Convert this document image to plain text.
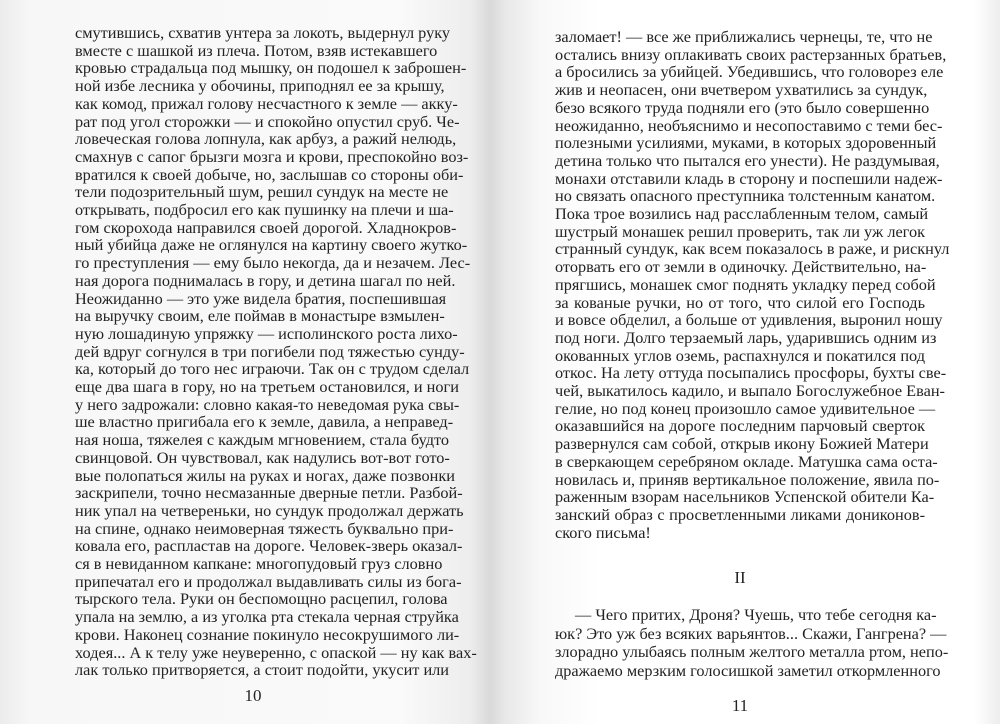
10
смутившись, схватив унтера за локоть, выдернул руку
вместе с шашкой из плеча. Потом, взяв истекавшего
кровью страдальца под мышку, он подошел к заброшен-
ной избе лесника у обочины, приподнял ее за крышу,
как комод, прижал голову несчастного к земле — акку-
рат под угол сторожки — и спокойно опустил сруб. Че-
ловеческая голова лопнула, как арбуз, а ражий нелюдь,
смахнув с сапог брызги мозга и крови, преспокойно воз-
вратился к своей добыче, но, заслышав со стороны оби-
тели подозрительный шум, решил сундук на месте не
открывать, подбросил его как пушинку на плечи и ша-
гом скорохода направился своей дорогой. Хладнокров-
ный убийца даже не оглянулся на картину своего жутко-
го преступления — ему было некогда, да и незачем. Лес-
ная дорога поднималась в гору, и детина шагал по ней.
Неожиданно — это уже видела братия, поспешившая
на выручку своим, еле поймав в монастыре взмылен-
ную лошадиную упряжку — исполинского роста лихо-
дей вдруг согнулся в три погибели под тяжестью сунду-
ка, который до того нес играючи. Так он с трудом сделал
еще два шага в гору, но на третьем остановился, и ноги
у него задрожали: словно какая-то неведомая рука свы-
ше властно пригибала его к земле, давила, а неправед-
ная ноша, тяжелея с каждым мгновением, стала будто
свинцовой. Он чувствовал, как надулись вот-вот гото-
вые полопаться жилы на руках и ногах, даже позвонки
заскрипели, точно несмазанные дверные петли. Разбой-
ник упал на четвереньки, но сундук продолжал держать
на спине, однако неимоверная тяжесть буквально при-
ковала его, распластав на дороге. Человек-зверь оказал-
ся в невиданном капкане: многопудовый груз словно
припечатал его и продолжал выдавливать силы из бога-
тырского тела. Руки он беспомощно расцепил, голова
упала на землю, а из уголка рта стекала черная струйка
крови. Наконец сознание покинуло несокрушимого ли-
ходея... А к телу уже неуверенно, с опаской — ну как вах-
лак только притворяется, а стоит подойти, укусит или
II
11
заломает! — все же приближались чернецы, те, что не
остались внизу оплакивать своих растерзанных братьев,
а бросились за убийцей. Убедившись, что головорез еле
жив и неопасен, они вчетвером ухватились за сундук,
безо всякого труда подняли его (это было совершенно
неожиданно, необъяснимо и несопоставимо с теми бес-
полезными усилиями, муками, в которых здоровенный
детина только что пытался его унести). Не раздумывая,
монахи отставили кладь в сторону и поспешили надеж-
но связать опасного преступника толстенным канатом.
Пока трое возились над расслабленным телом, самый
шустрый монашек решил проверить, так ли уж легок
странный сундук, как всем показалось в раже, и рискнул
оторвать его от земли в одиночку. Действительно, на-
прягшись, монашек смог поднять укладку перед собой
за кованые ручки, но от того, что силой его Господь
и вовсе обделил, а больше от удивления, выронил ношу
под ноги. Долго терзаемый ларь, ударившись одним из
окованных углов оземь, распахнулся и покатился под
откос. На лету оттуда посыпались просфоры, бухты све-
чей, выкатилось кадило, и выпало Богослужебное Еван-
гелие, но под конец произошло самое удивительное —
оказавшийся на дороге последним парчовый сверток
развернулся сам собой, открыв икону Божией Матери
в сверкающем серебряном окладе. Матушка сама оста-
новилась и, приняв вертикальное положение, явила по-
раженным взорам насельников Успенской обители Ка-
занский образ с просветленными ликами дониконов-
ского письма!
— Чего притих, Дроня? Чуешь, что тебе сегодня ка-
юк? Это уж без всяких варьянтов... Скажи, Гангрена? —
злорадно улыбаясь полным желтого металла ртом, непо-
дражаемо мерзким голосишкой заметил откормленного
